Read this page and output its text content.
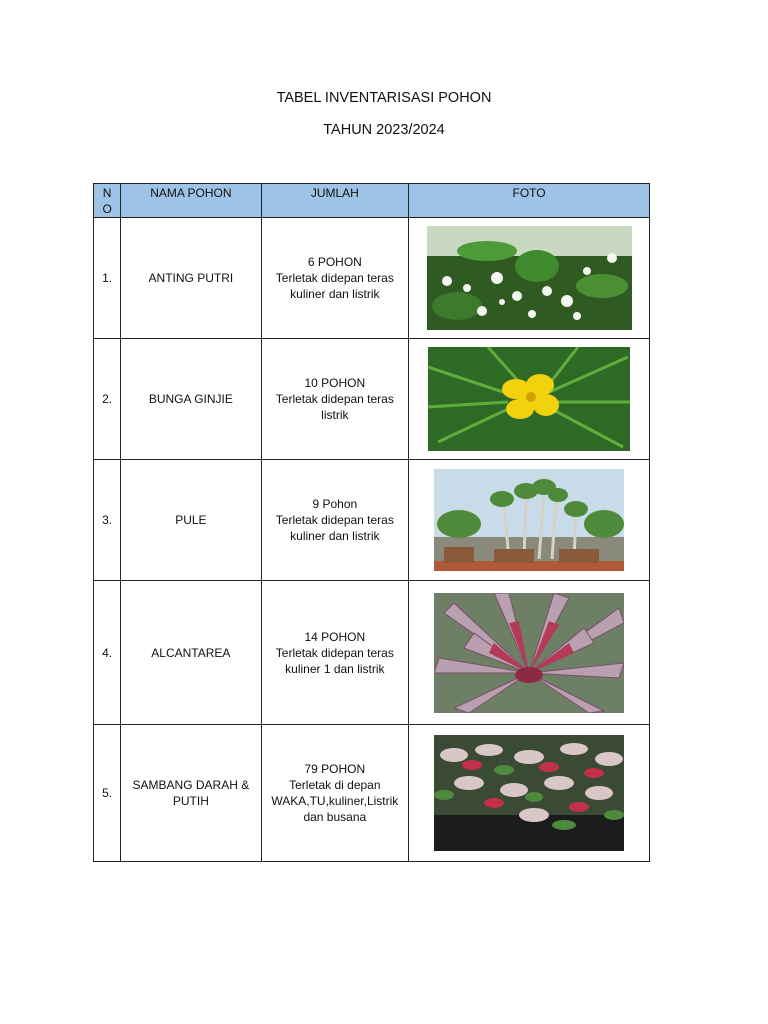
TABEL INVENTARISASI POHON
TAHUN 2023/2024
NO	NAMA POHON	JUMLAH	FOTO
1.	ANTING PUTRI	6 POHON
Terletak didepan teras kuliner dan listrik

2.	BUNGA GINJIE	10 POHON
Terletak didepan teras listrik

3.	PULE	9 Pohon
Terletak didepan teras kuliner dan listrik

4.	ALCANTAREA	14 POHON
Terletak didepan teras kuliner 1 dan listrik

5.	SAMBANG DARAH & PUTIH	79 POHON
Terletak di depan WAKA,TU,kuliner,Listrik dan busana
